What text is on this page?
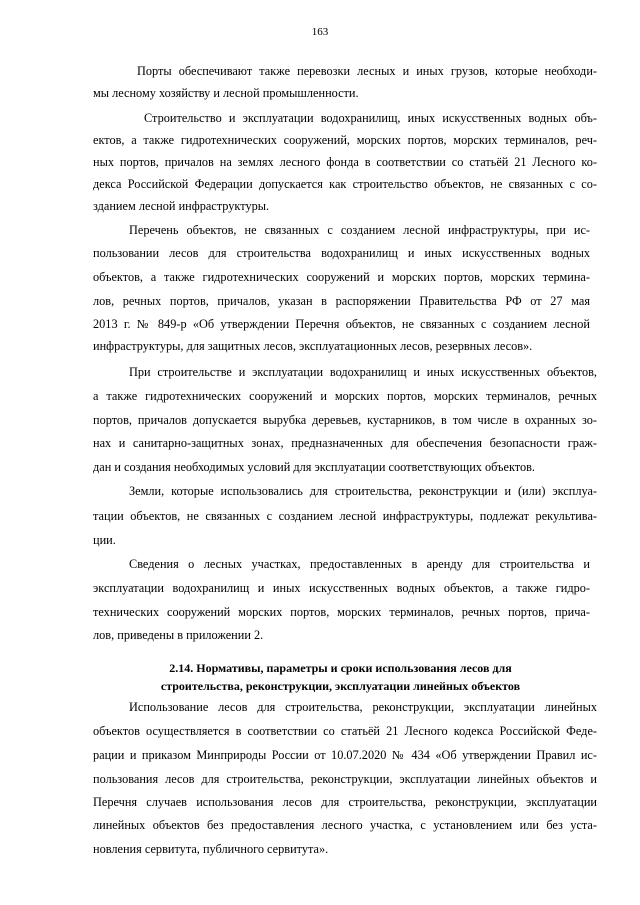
163
Порты обеспечивают также перевозки лесных и иных грузов, которые необходи-
мы лесному хозяйству и лесной промышленности.
Строительство и эксплуатации водохранилищ, иных искусственных водных объ-
ектов, а также гидротехнических сооружений, морских портов, морских терминалов, реч-
ных портов, причалов на землях лесного фонда в соответствии со статьёй 21 Лесного ко-
декса Российской Федерации допускается как строительство объектов, не связанных с со-
зданием лесной инфраструктуры.
Перечень объектов, не связанных с созданием лесной инфраструктуры, при ис-
пользовании лесов для строительства водохранилищ и иных искусственных водных
объектов, а также гидротехнических сооружений и морских портов, морских термина-
лов, речных портов, причалов, указан в распоряжении Правительства РФ от 27 мая
2013 г. № 849-р «Об утверждении Перечня объектов, не связанных с созданием лесной
инфраструктуры, для защитных лесов, эксплуатационных лесов, резервных лесов».
При строительстве и эксплуатации водохранилищ и иных искусственных объектов,
а также гидротехнических сооружений и морских портов, морских терминалов, речных
портов, причалов допускается вырубка деревьев, кустарников, в том числе в охранных зо-
нах и санитарно-защитных зонах, предназначенных для обеспечения безопасности граж-
дан и создания необходимых условий для эксплуатации соответствующих объектов.
Земли, которые использовались для строительства, реконструкции и (или) эксплуа-
тации объектов, не связанных с созданием лесной инфраструктуры, подлежат рекультива-
ции.
Сведения о лесных участках, предоставленных в аренду для строительства и
эксплуатации водохранилищ и иных искусственных водных объектов, а также гидро-
технических сооружений морских портов, морских терминалов, речных портов, прича-
лов, приведены в приложении 2.
2.14. Нормативы, параметры и сроки использования лесов для
строительства, реконструкции, эксплуатации линейных объектов
Использование лесов для строительства, реконструкции, эксплуатации линейных
объектов осуществляется в соответствии со статьёй 21 Лесного кодекса Российской Феде-
рации и приказом Минприроды России от 10.07.2020 № 434 «Об утверждении Правил ис-
пользования лесов для строительства, реконструкции, эксплуатации линейных объектов и
Перечня случаев использования лесов для строительства, реконструкции, эксплуатации
линейных объектов без предоставления лесного участка, с установлением или без уста-
новления сервитута, публичного сервитута».
